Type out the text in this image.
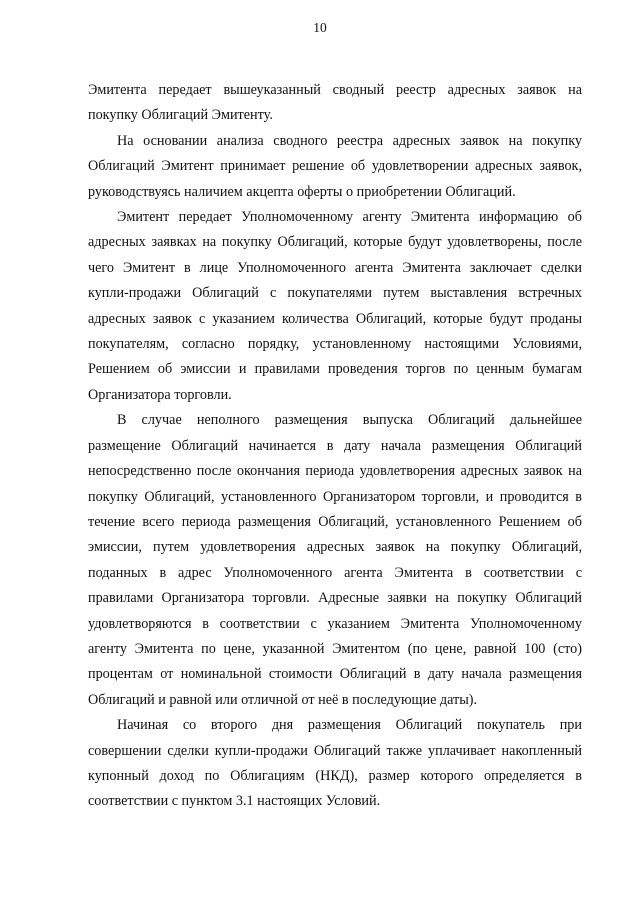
10
Эмитента передает вышеуказанный сводный реестр адресных заявок на
покупку Облигаций Эмитенту.
На основании анализа сводного реестра адресных заявок на покупку
Облигаций Эмитент принимает решение об удовлетворении адресных заявок,
руководствуясь наличием акцепта оферты о приобретении Облигаций.
Эмитент передает Уполномоченному агенту Эмитента информацию об
адресных заявках на покупку Облигаций, которые будут удовлетворены, после
чего Эмитент в лице Уполномоченного агента Эмитента заключает сделки
купли-продажи Облигаций с покупателями путем выставления встречных
адресных заявок с указанием количества Облигаций, которые будут проданы
покупателям, согласно порядку, установленному настоящими Условиями,
Решением об эмиссии и правилами проведения торгов по ценным бумагам
Организатора торговли.
В случае неполного размещения выпуска Облигаций дальнейшее
размещение Облигаций начинается в дату начала размещения Облигаций
непосредственно после окончания периода удовлетворения адресных заявок на
покупку Облигаций, установленного Организатором торговли, и проводится в
течение всего периода размещения Облигаций, установленного Решением об
эмиссии, путем удовлетворения адресных заявок на покупку Облигаций,
поданных в адрес Уполномоченного агента Эмитента в соответствии с
правилами Организатора торговли. Адресные заявки на покупку Облигаций
удовлетворяются в соответствии с указанием Эмитента Уполномоченному
агенту Эмитента по цене, указанной Эмитентом (по цене, равной 100 (сто)
процентам от номинальной стоимости Облигаций в дату начала размещения
Облигаций и равной или отличной от неё в последующие даты).
Начиная со второго дня размещения Облигаций покупатель при
совершении сделки купли-продажи Облигаций также уплачивает накопленный
купонный доход по Облигациям (НКД), размер которого определяется в
соответствии с пунктом 3.1 настоящих Условий.
